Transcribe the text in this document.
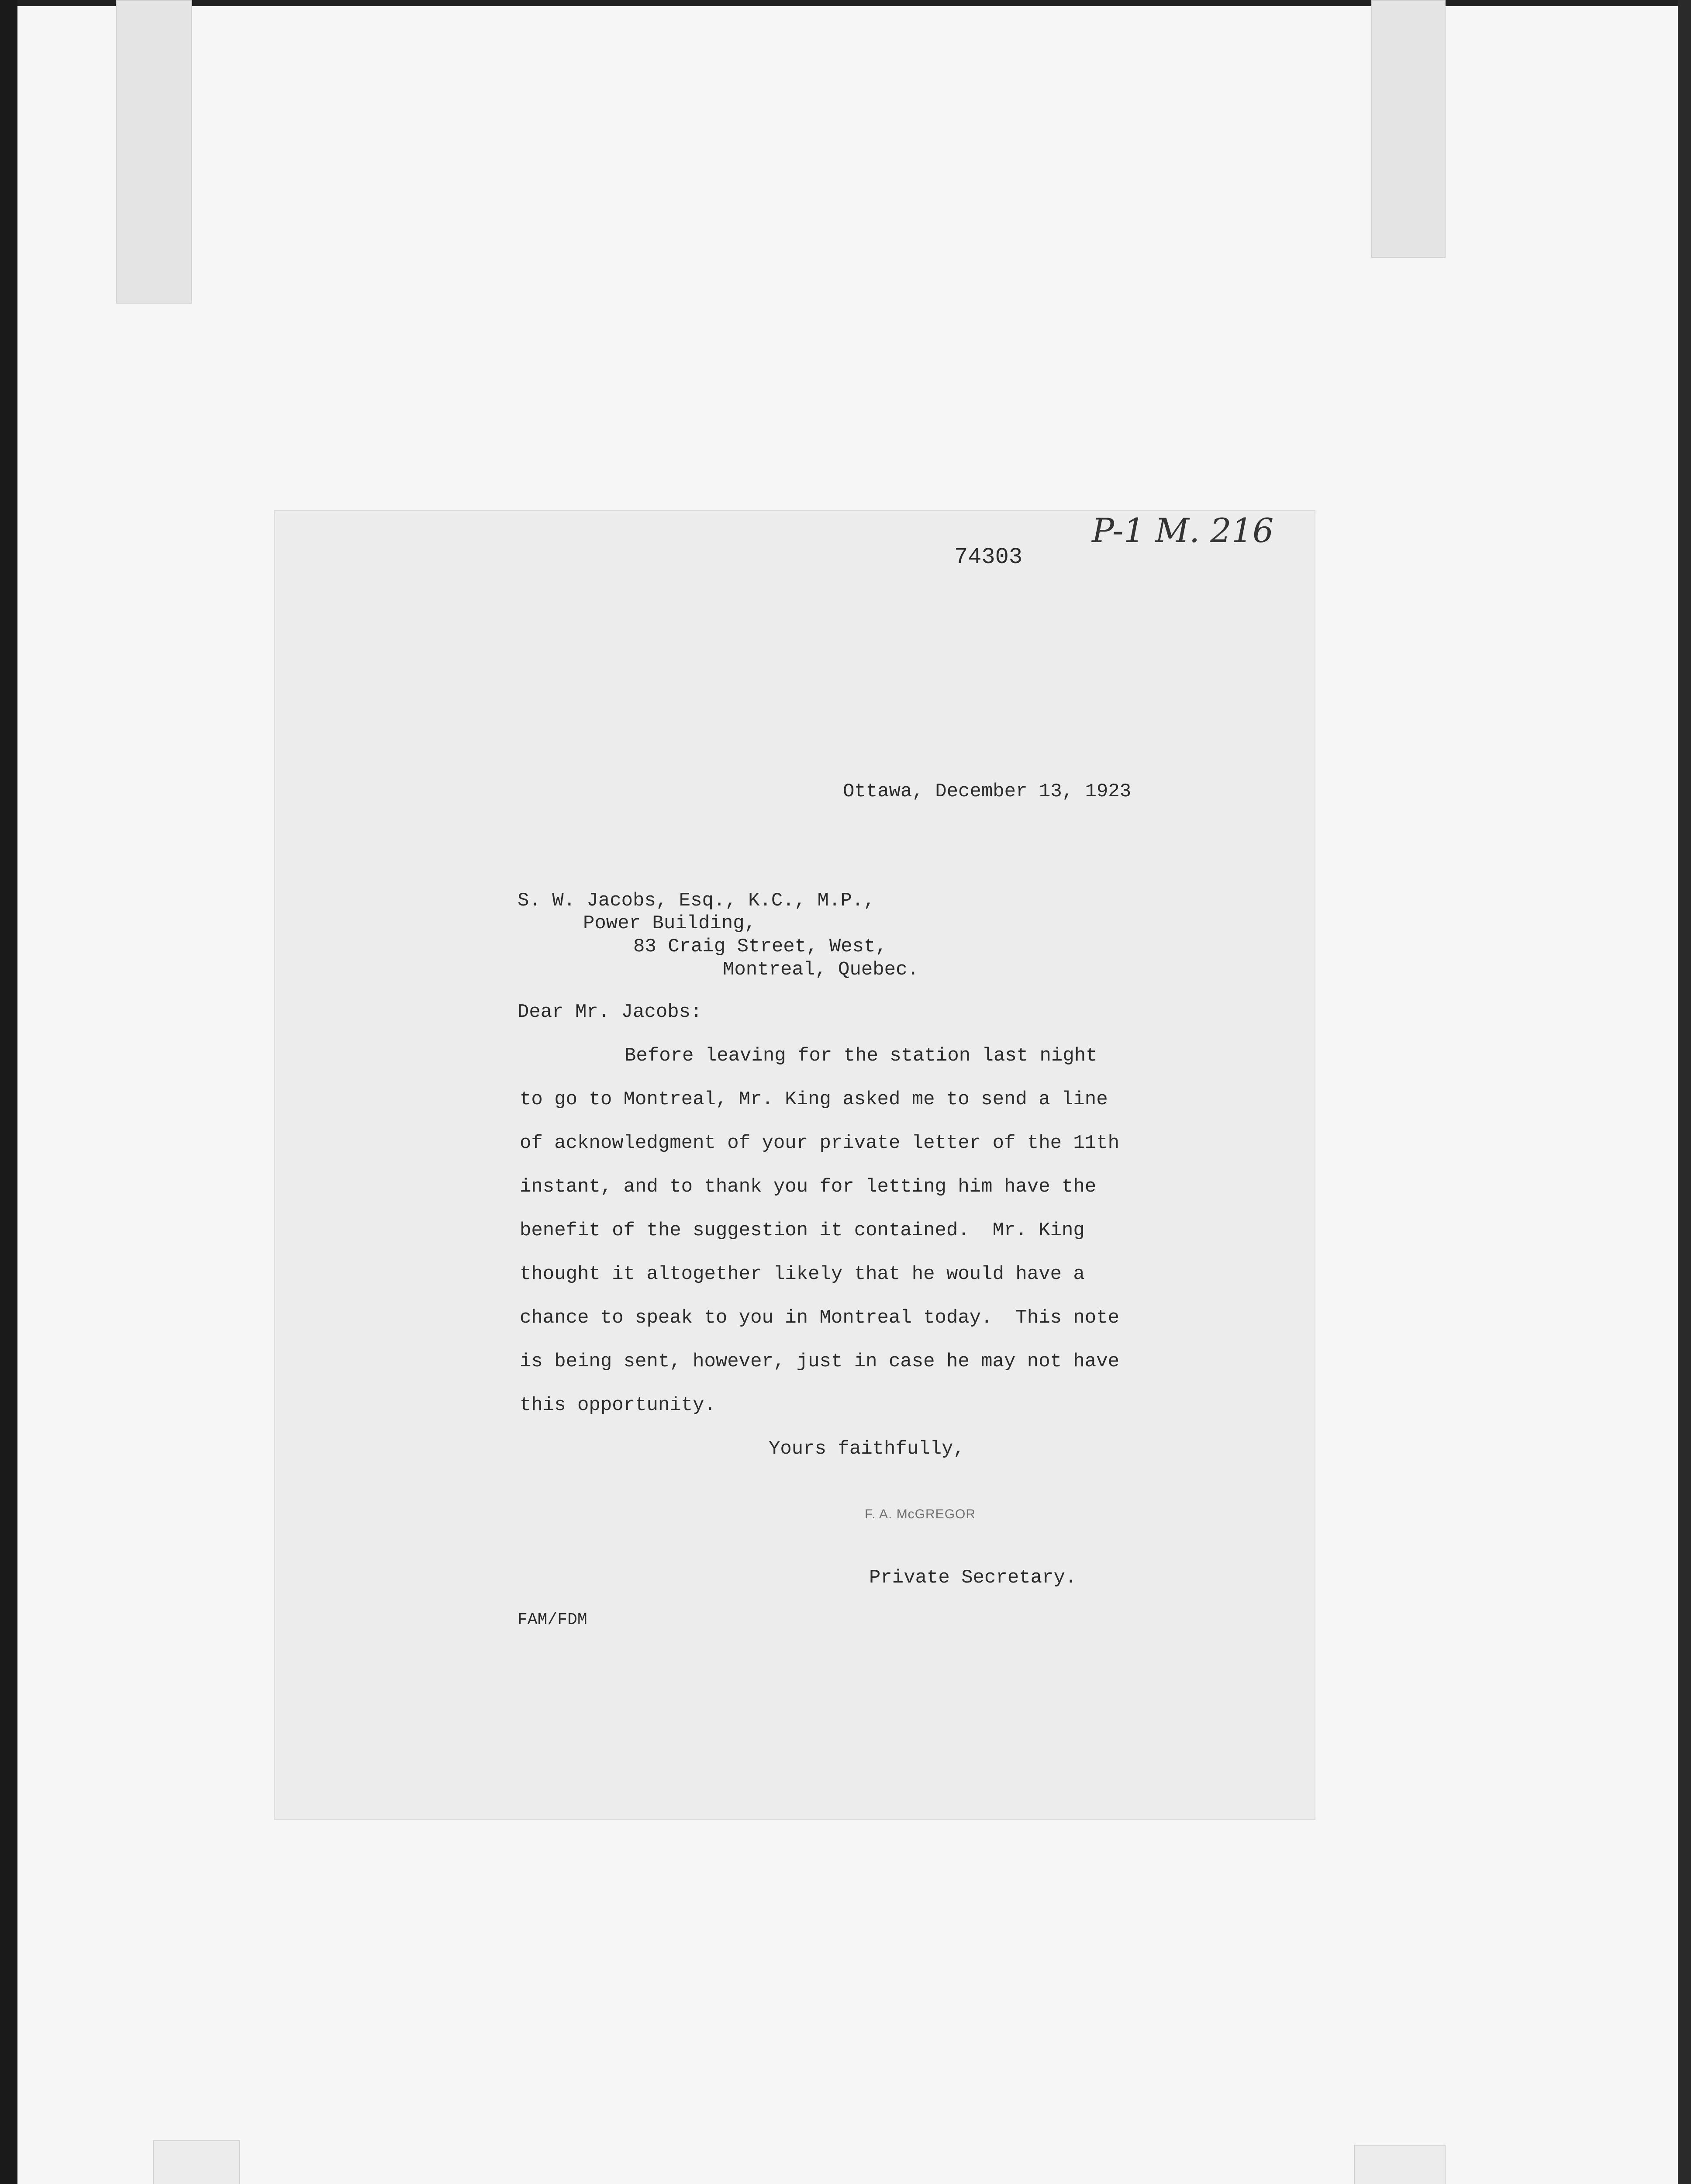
74303
P-1 M. 216
Ottawa, December 13, 1923
S. W. Jacobs, Esq., K.C., M.P.,
Power Building,
83 Craig Street, West,
Montreal, Quebec.
Dear Mr. Jacobs:
Before leaving for the station last night
to go to Montreal, Mr. King asked me to send a line
of acknowledgment of your private letter of the 11th
instant, and to thank you for letting him have the
benefit of the suggestion it contained.  Mr. King
thought it altogether likely that he would have a
chance to speak to you in Montreal today.  This note
is being sent, however, just in case he may not have
this opportunity.
Yours faithfully,
F. A. McGREGOR
Private Secretary.
FAM/FDM
